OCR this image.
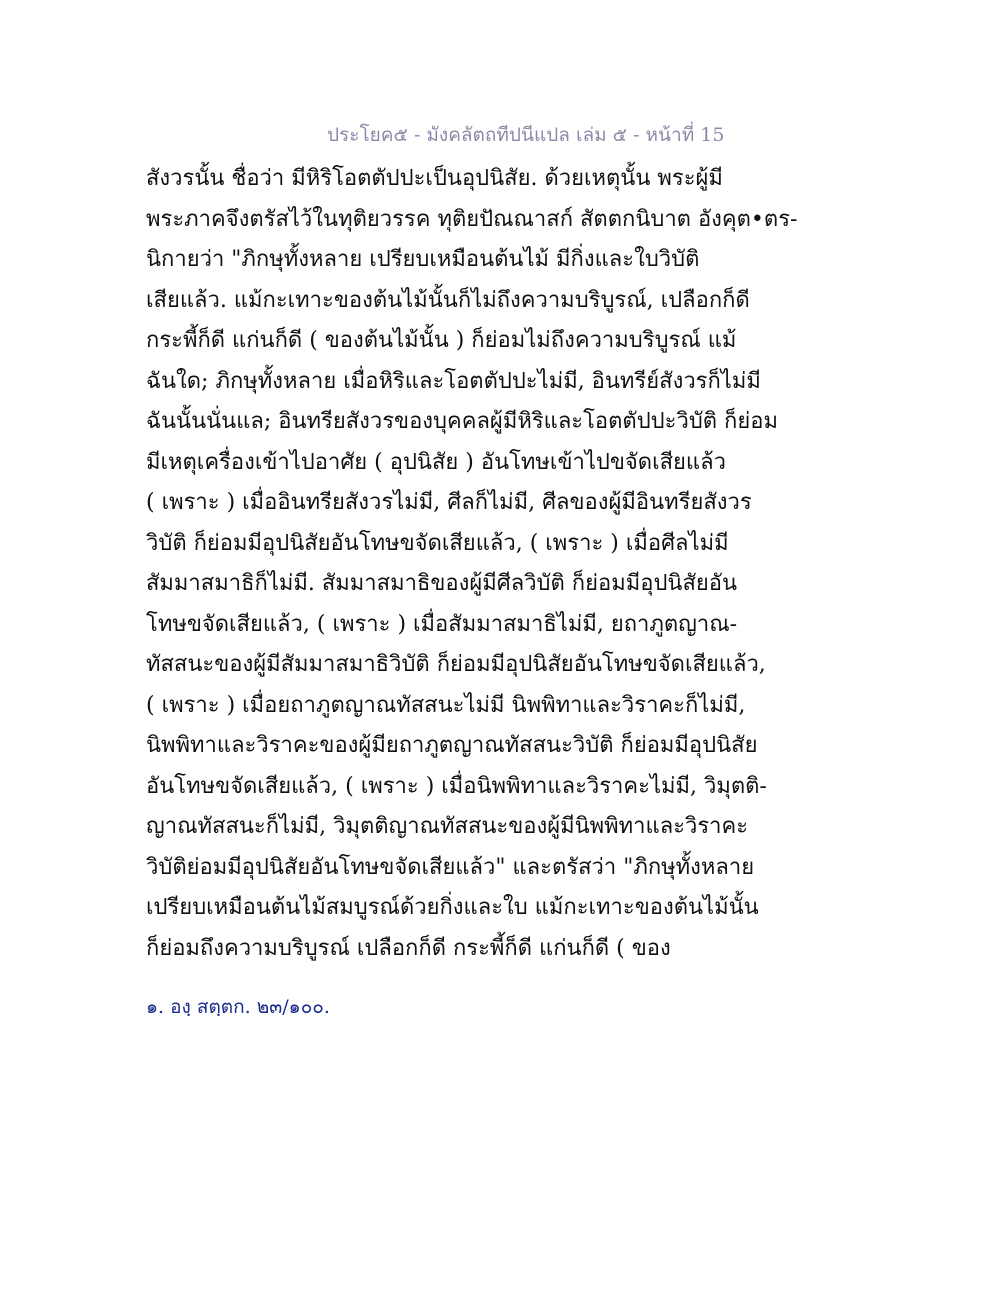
ประโยค๕ - มังคลัตถทีปนีแปล เล่ม ๕ - หน้าที่ 15
สังวรนั้น ชื่อว่า มีหิริโอตตัปปะเป็นอุปนิสัย. ด้วยเหตุนั้น พระผู้มี
พระภาคจึงตรัสไว้ในทุติยวรรค ทุติยปัณณาสก์ สัตตกนิบาต อังคุต•ตร-
นิกายว่า "ภิกษุทั้งหลาย เปรียบเหมือนต้นไม้ มีกิ่งและใบวิบัติ
เสียแล้ว. แม้กะเทาะของต้นไม้นั้นก็ไม่ถึงความบริบูรณ์, เปลือกก็ดี
กระพี้ก็ดี แก่นก็ดี ( ของต้นไม้นั้น ) ก็ย่อมไม่ถึงความบริบูรณ์ แม้
ฉันใด; ภิกษุทั้งหลาย เมื่อหิริและโอตตัปปะไม่มี, อินทรีย์สังวรก็ไม่มี
ฉันนั้นนั่นแล; อินทรียสังวรของบุคคลผู้มีหิริและโอตตัปปะวิบัติ ก็ย่อม
มีเหตุเครื่องเข้าไปอาศัย ( อุปนิสัย ) อันโทษเข้าไปขจัดเสียแล้ว
( เพราะ ) เมื่ออินทรียสังวรไม่มี, ศีลก็ไม่มี, ศีลของผู้มีอินทรียสังวร
วิบัติ ก็ย่อมมีอุปนิสัยอันโทษขจัดเสียแล้ว, ( เพราะ ) เมื่อศีลไม่มี
สัมมาสมาธิก็ไม่มี. สัมมาสมาธิของผู้มีศีลวิบัติ ก็ย่อมมีอุปนิสัยอัน
โทษขจัดเสียแล้ว, ( เพราะ ) เมื่อสัมมาสมาธิไม่มี, ยถาภูตญาณ-
ทัสสนะของผู้มีสัมมาสมาธิวิบัติ ก็ย่อมมีอุปนิสัยอันโทษขจัดเสียแล้ว,
( เพราะ ) เมื่อยถาภูตญาณทัสสนะไม่มี นิพพิทาและวิราคะก็ไม่มี,
นิพพิทาและวิราคะของผู้มียถาภูตญาณทัสสนะวิบัติ ก็ย่อมมีอุปนิสัย
อันโทษขจัดเสียแล้ว, ( เพราะ ) เมื่อนิพพิทาและวิราคะไม่มี, วิมุตติ-
ญาณทัสสนะก็ไม่มี, วิมุตติญาณทัสสนะของผู้มีนิพพิทาและวิราคะ
วิบัติย่อมมีอุปนิสัยอันโทษขจัดเสียแล้ว" และตรัสว่า "ภิกษุทั้งหลาย
เปรียบเหมือนต้นไม้สมบูรณ์ด้วยกิ่งและใบ แม้กะเทาะของต้นไม้นั้น
ก็ย่อมถึงความบริบูรณ์ เปลือกก็ดี กระพี้ก็ดี แก่นก็ดี ( ของ
๑. องฺ สตฺตก. ๒๓/๑๐๐.
